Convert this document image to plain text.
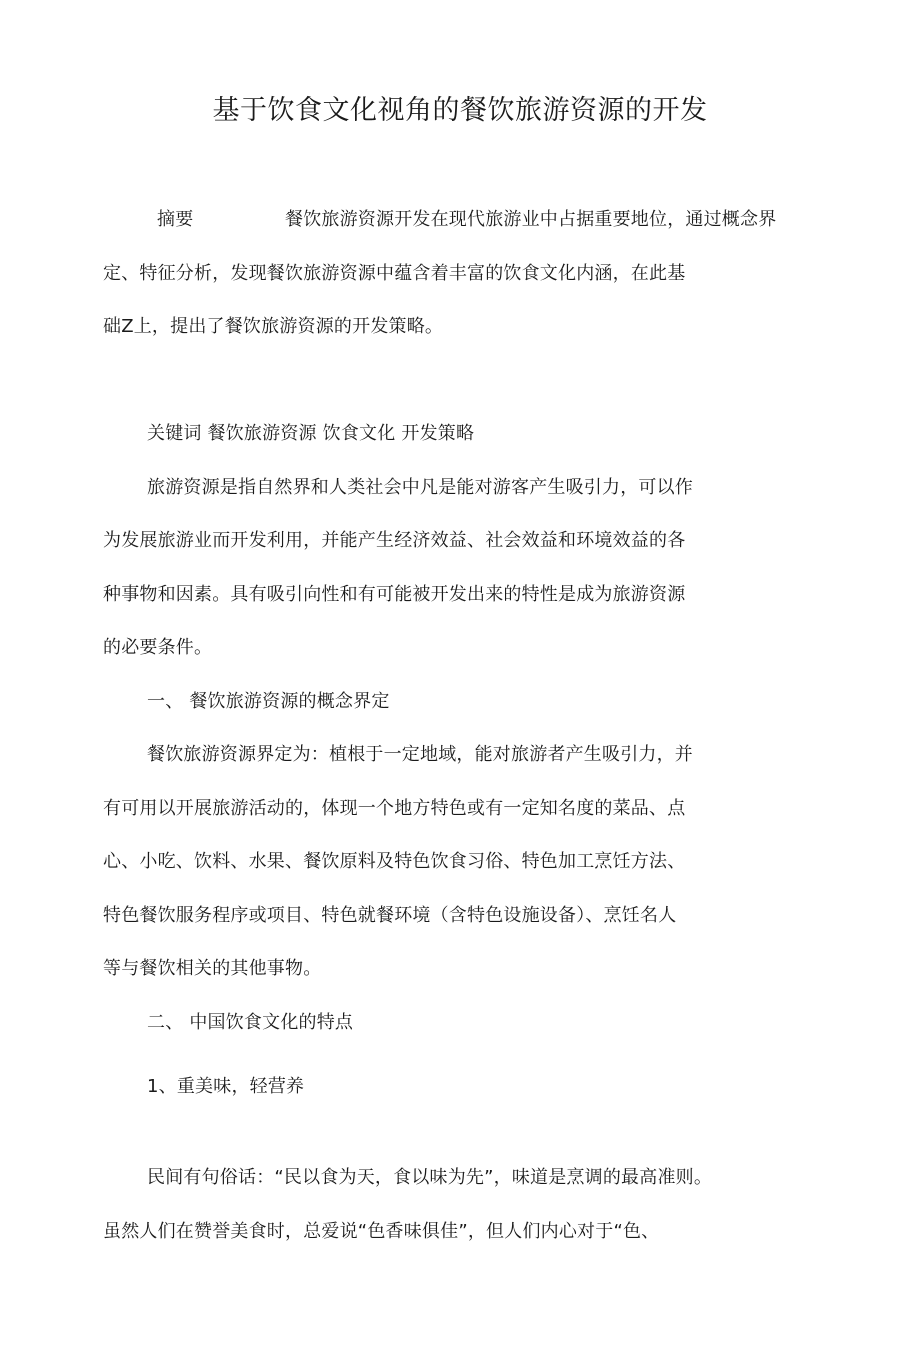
基于饮食文化视角的餐饮旅游资源的开发
摘要	餐饮旅游资源开发在现代旅游业中占据重要地位，通过概念界
定、特征分析，发现餐饮旅游资源中蕴含着丰富的饮食文化内涵，在此基
础Z上，提出了餐饮旅游资源的开发策略。
关键词 餐饮旅游资源 饮食文化 开发策略
旅游资源是指自然界和人类社会中凡是能对游客产生吸引力，可以作
为发展旅游业而开发利用，并能产生经济效益、社会效益和环境效益的各
种事物和因素。具有吸引向性和有可能被开发出来的特性是成为旅游资源
的必要条件。
一、 餐饮旅游资源的概念界定
餐饮旅游资源界定为：植根于一定地域，能对旅游者产生吸引力，并
有可用以开展旅游活动的，体现一个地方特色或有一定知名度的菜品、点
心、小吃、饮料、水果、餐饮原料及特色饮食习俗、特色加工烹饪方法、
特色餐饮服务程序或项目、特色就餐环境（含特色设施设备）、烹饪名人
等与餐饮相关的其他事物。
二、 中国饮食文化的特点
1、重美味，轻营养
民间有句俗话：“民以食为天，食以味为先”，味道是烹调的最高准则。
虽然人们在赞誉美食时，总爱说“色香味俱佳”，但人们内心对于“色、
